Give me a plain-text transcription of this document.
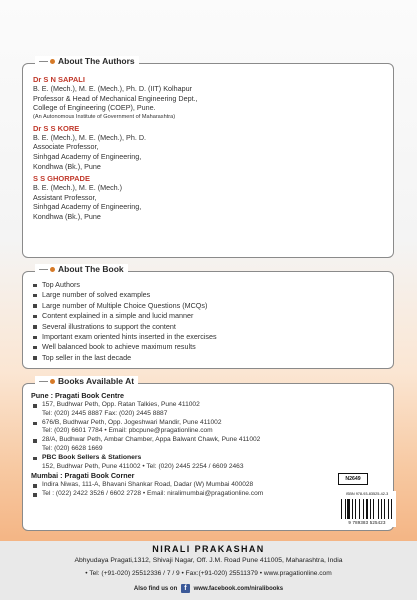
About The Authors
Dr S N SAPALI
B. E. (Mech.), M. E. (Mech.), Ph. D. (IIT) Kolhapur
Professor & Head of Mechanical Engineering Dept.,
College of Engineering (COEP), Pune.
(An Autonomous Institute of Government of Maharashtra)
Dr S S KORE
B. E. (Mech.), M. E. (Mech.), Ph. D.
Associate Professor,
Sinhgad Academy of Engineering,
Kondhwa (Bk.), Pune
S S GHORPADE
B. E. (Mech.), M. E. (Mech.)
Assistant Professor,
Sinhgad Academy of Engineering,
Kondhwa (Bk.), Pune
About The Book
Top Authors
Large number of solved examples
Large number of Multiple Choice Questions (MCQs)
Content explained in a simple and lucid manner
Several illustrations to support the content
Important exam oriented hints inserted in the exercises
Well balanced book to achieve maximum results
Top seller in the last decade
Books Available At
Pune : Pragati Book Centre
157, Budhwar Peth, Opp. Ratan Talkies, Pune 411002
Tel: (020) 2445 8887 Fax: (020) 2445 8887
676/B, Budhwar Peth, Opp. Jogeshwari Mandir, Pune 411002
Tel: (020) 6601 7784 • Email: pbcpune@pragationline.com
28/A, Budhwar Peth, Ambar Chamber, Appa Balwant Chawk, Pune 411002
Tel: (020) 6628 1669
PBC Book Sellers & Stationers
152, Budhwar Peth, Pune 411002 • Tel: (020) 2445 2254 / 6609 2463
Mumbai : Pragati Book Corner
Indira Niwas, 111-A, Bhavani Shankar Road, Dadar (W) Mumbai 400028
Tel : (022) 2422 3526 / 6602 2728 • Email: niralimumbai@pragationline.com
N2649
ISBN 978-93-83525-42-3
9 789383 525423
NIRALI PRAKASHAN
Abhyudaya Pragati,1312, Shivaji Nagar, Off. J.M. Road Pune 411005, Maharashtra, India
• Tel: (+91-020) 25512336 / 7 / 9 • Fax:(+91-020) 25511379 • www.pragationline.com
Also find us on f www.facebook.com/niralibooks
